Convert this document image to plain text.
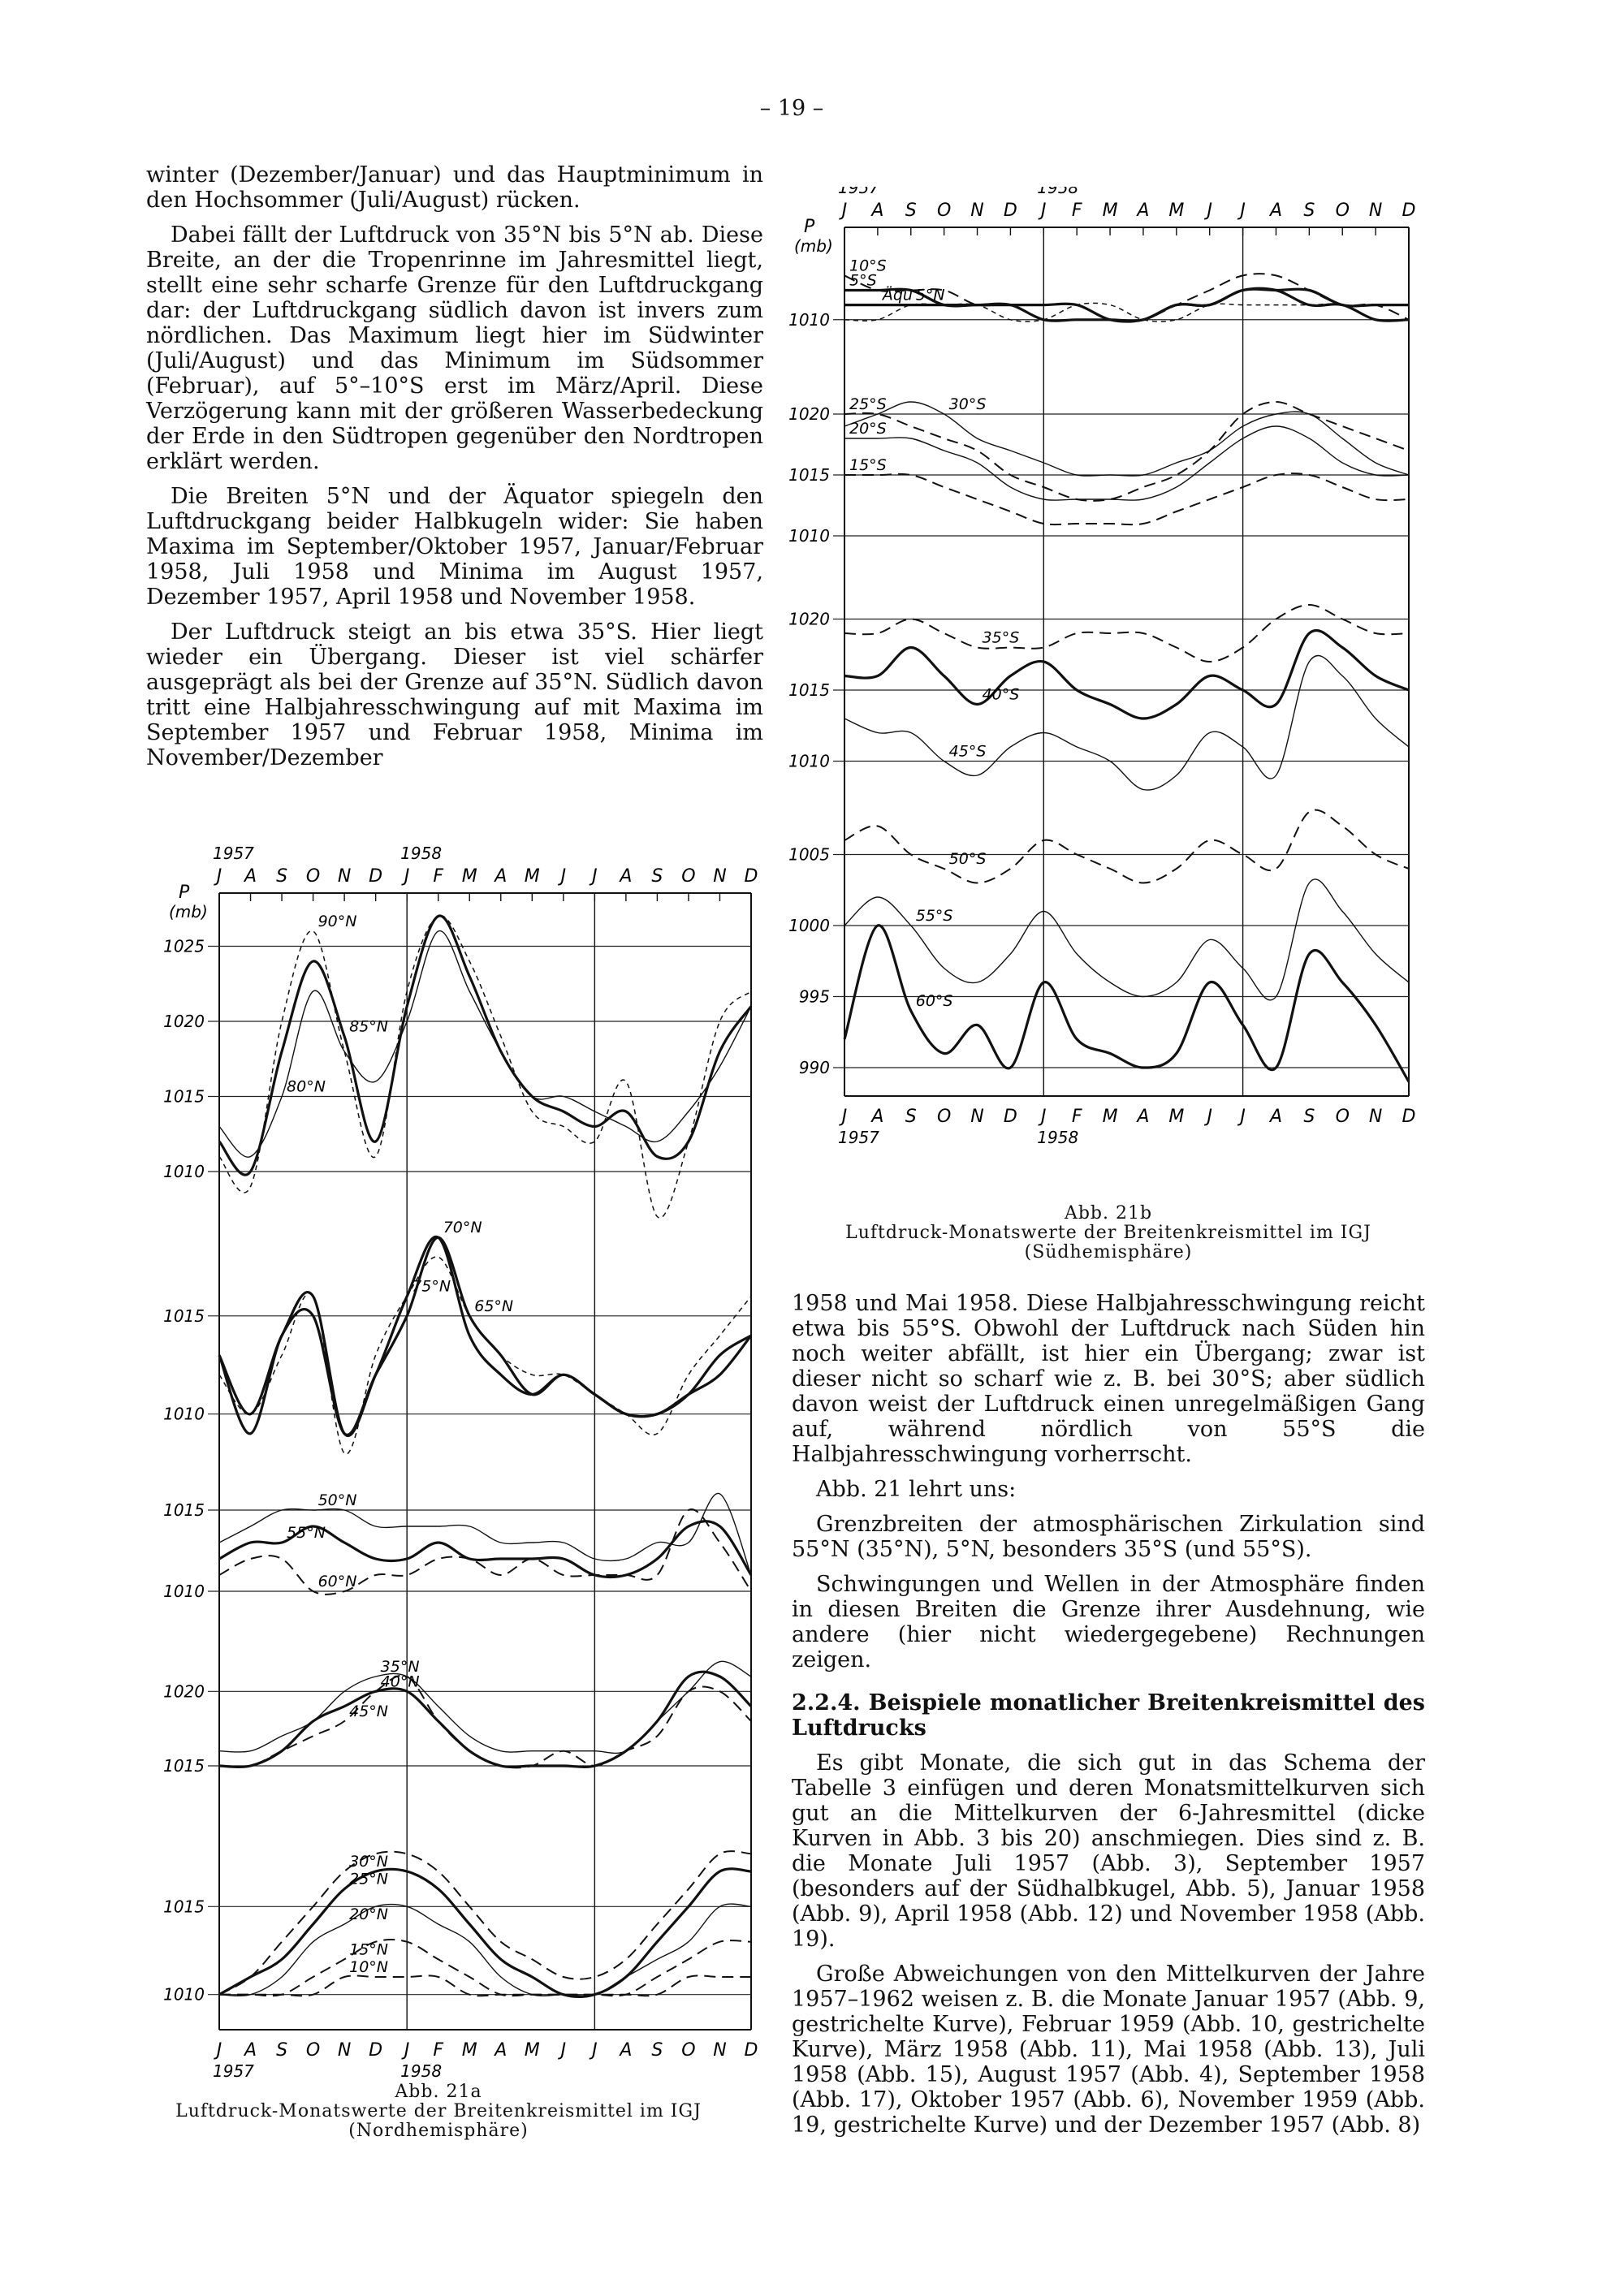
– 19 –

winter (Dezember/Januar) und das Hauptminimum in den Hochsommer (Juli/August) rücken.

Dabei fällt der Luftdruck von 35°N bis 5°N ab. Diese Breite, an der die Tropenrinne im Jahresmittel liegt, stellt eine sehr scharfe Grenze für den Luftdruckgang dar: der Luftdruckgang südlich davon ist invers zum nördlichen. Das Maximum liegt hier im Südwinter (Juli/August) und das Minimum im Südsommer (Februar), auf 5°–10°S erst im März/April. Diese Verzögerung kann mit der größeren Wasserbedeckung der Erde in den Südtropen gegenüber den Nordtropen erklärt werden.

Die Breiten 5°N und der Äquator spiegeln den Luftdruckgang beider Halbkugeln wider: Sie haben Maxima im September/Oktober 1957, Januar/Februar 1958, Juli 1958 und Minima im August 1957, Dezember 1957, April 1958 und November 1958.

Der Luftdruck steigt an bis etwa 35°S. Hier liegt wieder ein Übergang. Dieser ist viel schärfer ausgeprägt als bei der Grenze auf 35°N. Südlich davon tritt eine Halbjahresschwingung auf mit Maxima im September 1957 und Februar 1958, Minima im November/Dezember

1958 und Mai 1958. Diese Halbjahresschwingung reicht etwa bis 55°S. Obwohl der Luftdruck nach Süden hin noch weiter abfällt, ist hier ein Übergang; zwar ist dieser nicht so scharf wie z. B. bei 30°S; aber südlich davon weist der Luftdruck einen unregelmäßigen Gang auf, während nördlich von 55°S die Halbjahresschwingung vorherrscht.

Abb. 21 lehrt uns:

Grenzbreiten der atmosphärischen Zirkulation sind 55°N (35°N), 5°N, besonders 35°S (und 55°S).

Schwingungen und Wellen in der Atmosphäre finden in diesen Breiten die Grenze ihrer Ausdehnung, wie andere (hier nicht wiedergegebene) Rechnungen zeigen.

2.2.4. Beispiele monatlicher Breitenkreismittel des Luftdrucks

Es gibt Monate, die sich gut in das Schema der Tabelle 3 einfügen und deren Monatsmittelkurven sich gut an die Mittelkurven der 6-Jahresmittel (dicke Kurven in Abb. 3 bis 20) anschmiegen. Dies sind z. B. die Monate Juli 1957 (Abb. 3), September 1957 (besonders auf der Südhalbkugel, Abb. 5), Januar 1958 (Abb. 9), April 1958 (Abb. 12) und November 1958 (Abb. 19).

Große Abweichungen von den Mittelkurven der Jahre 1957–1962 weisen z. B. die Monate Januar 1957 (Abb. 9, gestrichelte Kurve), Februar 1959 (Abb. 10, gestrichelte Kurve), März 1958 (Abb. 11), Mai 1958 (Abb. 13), Juli 1958 (Abb. 15), August 1957 (Abb. 4), September 1958 (Abb. 17), Oktober 1957 (Abb. 6), November 1959 (Abb. 19, gestrichelte Kurve) und der Dezember 1957 (Abb. 8)

1957	1958
J A S O N D J F M A M J J A S O N D
P
(mb)
J A S O N D J F M A M J J A S O N D
1957	1958
1025
1020
1015
1010
90°N
85°N
80°N
1015
1010
75°N
70°N
65°N
1015
1010
50°N
55°N
60°N
1020
1015
35°N
40°N
45°N
1015
1010
30°N
25°N
20°N
15°N
10°N
Abb. 21a
Luftdruck-Monatswerte der Breitenkreismittel im IGJ
(Nordhemisphäre)
1957	1958
J A S O N D J F M A M J J A S O N D
P
(mb)
J A S O N D J F M A M J J A S O N D
1957	1958
1010
10°S
5°S
Äqu 5°N
1020
1015
1010
25°S	30°S
20°S
15°S
1020
1015
1010
35°S
40°S
45°S
1005
1000
995
990
50°S
55°S
60°S
Abb. 21b
Luftdruck-Monatswerte der Breitenkreismittel im IGJ
(Südhemisphäre)
